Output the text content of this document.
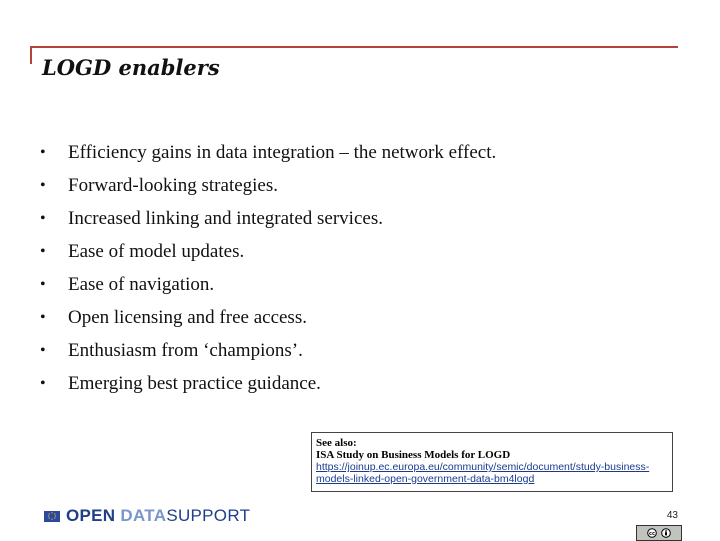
LOGD enablers
•	Efficiency gains in data integration – the network effect.
•	Forward-looking strategies.
•	Increased linking and integrated services.
•	Ease of model updates.
•	Ease of navigation.
•	Open licensing and free access.
•	Enthusiasm from ‘champions’.
•	Emerging best practice guidance.
See also:
ISA Study on Business Models for LOGD
https://joinup.ec.europa.eu/community/semic/document/study-business-
models-linked-open-government-data-bm4logd
OPEN DATASUPPORT	43
cc
